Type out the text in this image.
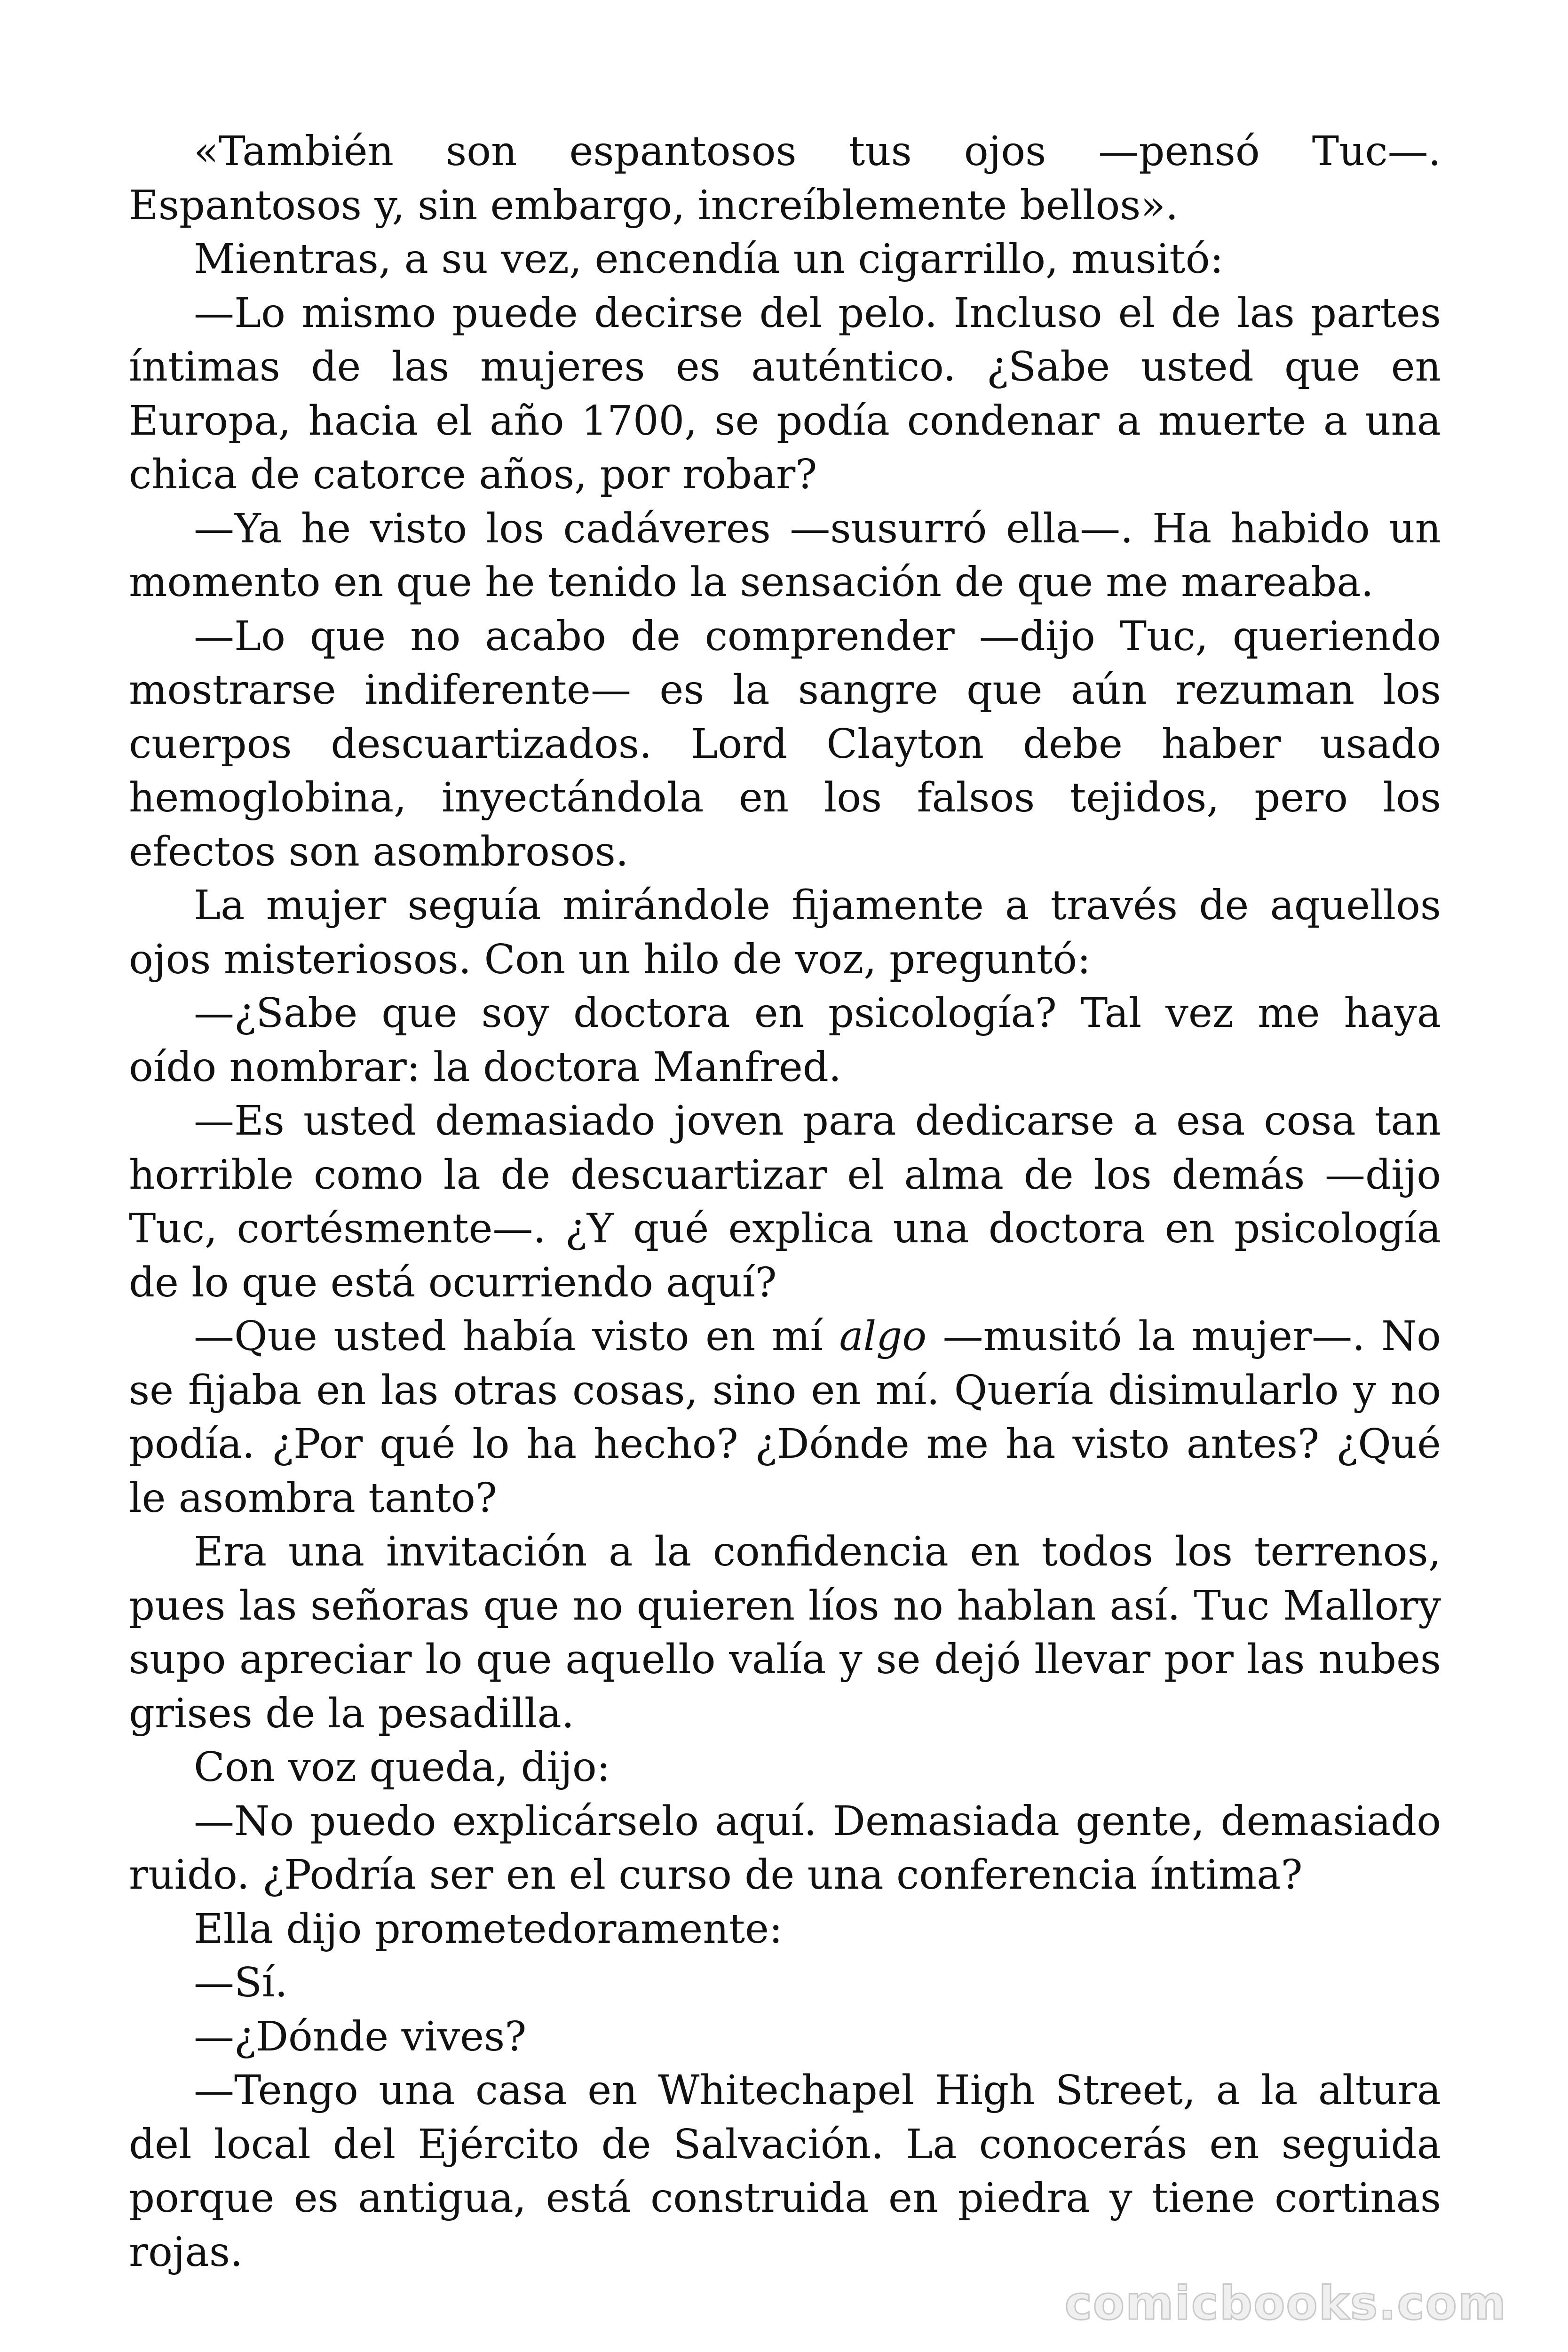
«También son espantosos tus ojos —pensó Tuc—. Espantosos y, sin embargo, increíblemente bellos».

Mientras, a su vez, encendía un cigarrillo, musitó:

—Lo mismo puede decirse del pelo. Incluso el de las partes íntimas de las mujeres es auténtico. ¿Sabe usted que en Europa, hacia el año 1700, se podía condenar a muerte a una chica de catorce años, por robar?

—Ya he visto los cadáveres —susurró ella—. Ha habido un momento en que he tenido la sensación de que me mareaba.

—Lo que no acabo de comprender —dijo Tuc, queriendo mostrarse indiferente— es la sangre que aún rezuman los cuerpos descuartizados. Lord Clayton debe haber usado hemoglobina, inyectándola en los falsos tejidos, pero los efectos son asombrosos.

La mujer seguía mirándole fijamente a través de aquellos ojos misteriosos. Con un hilo de voz, preguntó:

—¿Sabe que soy doctora en psicología? Tal vez me haya oído nombrar: la doctora Manfred.

—Es usted demasiado joven para dedicarse a esa cosa tan horrible como la de descuartizar el alma de los demás —dijo Tuc, cortésmente—. ¿Y qué explica una doctora en psicología de lo que está ocurriendo aquí?

—Que usted había visto en mí algo —musitó la mujer—. No se fijaba en las otras cosas, sino en mí. Quería disimularlo y no podía. ¿Por qué lo ha hecho? ¿Dónde me ha visto antes? ¿Qué le asombra tanto?

Era una invitación a la confidencia en todos los terrenos, pues las señoras que no quieren líos no hablan así. Tuc Mallory supo apreciar lo que aquello valía y se dejó llevar por las nubes grises de la pesadilla.

Con voz queda, dijo:

—No puedo explicárselo aquí. Demasiada gente, demasiado ruido. ¿Podría ser en el curso de una conferencia íntima?

Ella dijo prometedoramente:

—Sí.

—¿Dónde vives?

—Tengo una casa en Whitechapel High Street, a la altura del local del Ejército de Salvación. La conocerás en seguida porque es antigua, está construida en piedra y tiene cortinas rojas.

comicbooks.com
